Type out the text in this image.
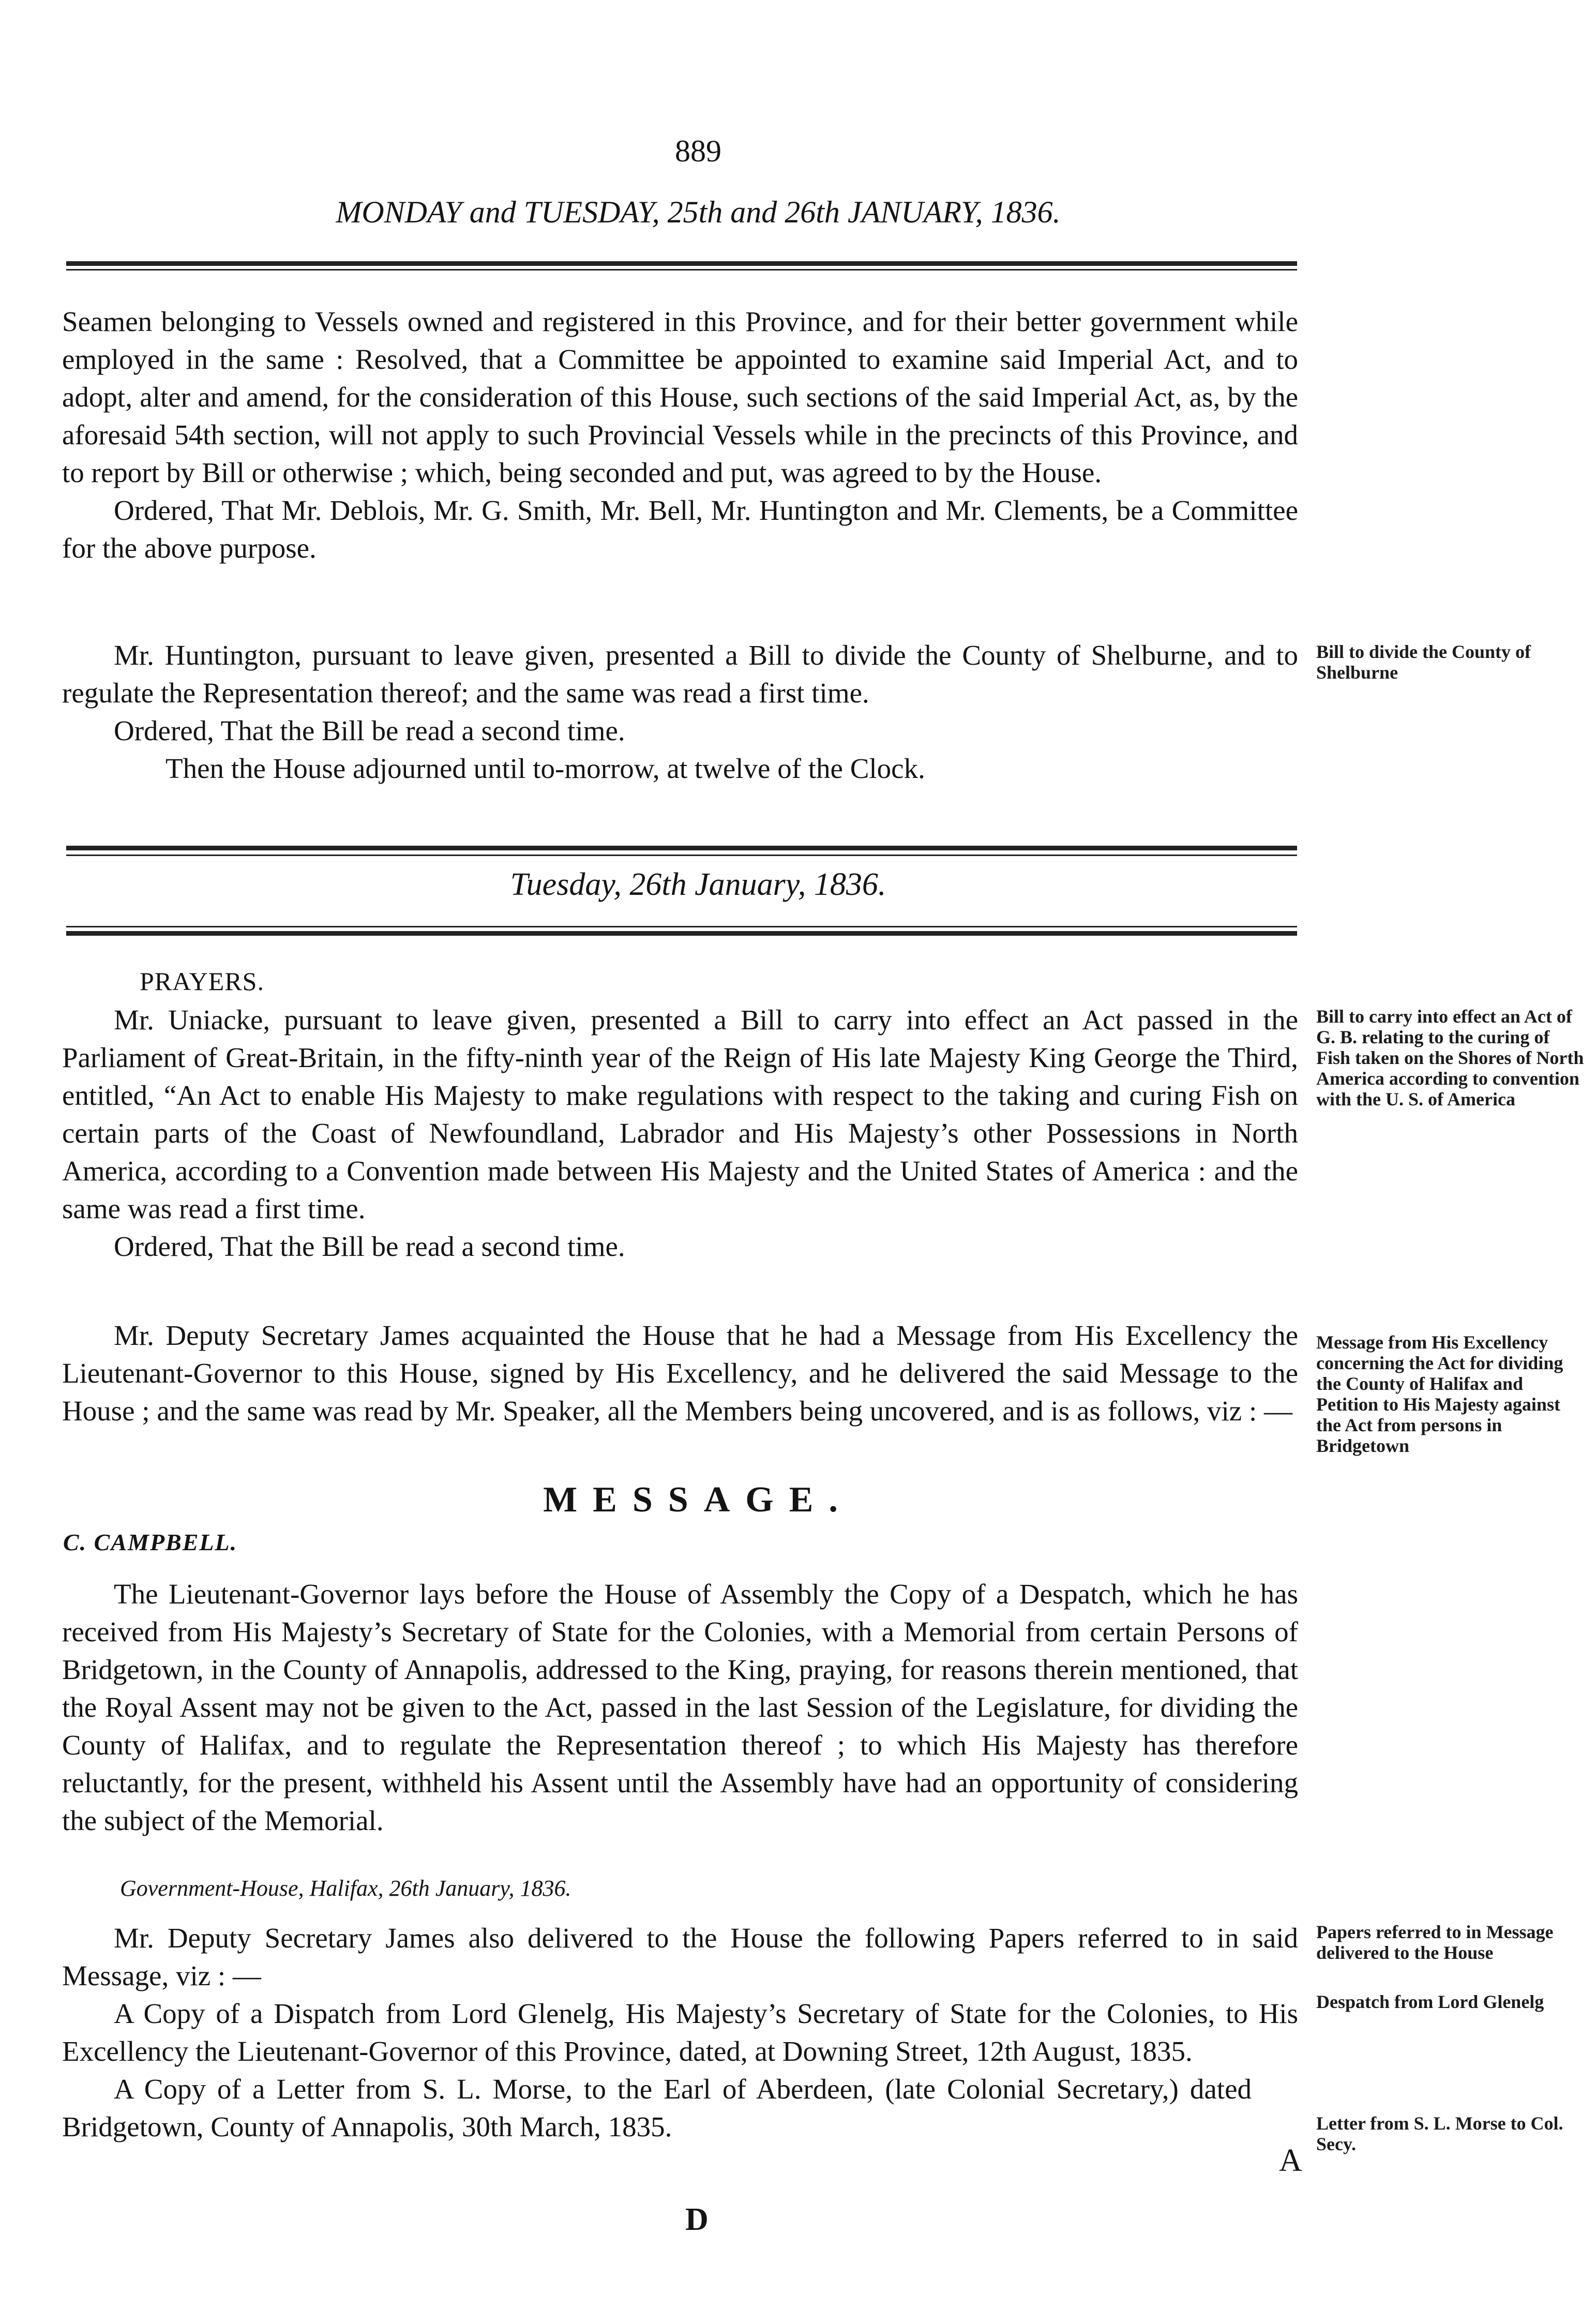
889
MONDAY and TUESDAY, 25th and 26th JANUARY, 1836.

Seamen belonging to Vessels owned and registered in this Province, and for their better government while employed in the same : Resolved, that a Committee be appointed to examine said Imperial Act, and to adopt, alter and amend, for the consideration of this House, such sections of the said Imperial Act, as, by the aforesaid 54th section, will not apply to such Provincial Vessels while in the precincts of this Province, and to report by Bill or otherwise ; which, being seconded and put, was agreed to by the House.

Ordered, That Mr. Deblois, Mr. G. Smith, Mr. Bell, Mr. Huntington and Mr. Clements, be a Committee for the above purpose.

Mr. Huntington, pursuant to leave given, presented a Bill to divide the County of Shelburne, and to regulate the Representation thereof; and the same was read a first time.

Ordered, That the Bill be read a second time.

Then the House adjourned until to-morrow, at twelve of the Clock.

Tuesday, 26th January, 1836.
PRAYERS.

Mr. Uniacke, pursuant to leave given, presented a Bill to carry into effect an Act passed in the Parliament of Great-Britain, in the fifty-ninth year of the Reign of His late Majesty King George the Third, entitled, “An Act to enable His Majesty to make regulations with respect to the taking and curing Fish on certain parts of the Coast of Newfoundland, Labrador and His Majesty’s other Possessions in North America, according to a Convention made between His Majesty and the United States of America : and the same was read a first time.

Ordered, That the Bill be read a second time.

Mr. Deputy Secretary James acquainted the House that he had a Message from His Excellency the Lieutenant-Governor to this House, signed by His Excellency, and he delivered the said Message to the House ; and the same was read by Mr. Speaker, all the Members being uncovered, and is as follows, viz : —

MESSAGE.
C. CAMPBELL.

The Lieutenant-Governor lays before the House of Assembly the Copy of a Despatch, which he has received from His Majesty’s Secretary of State for the Colonies, with a Memorial from certain Persons of Bridgetown, in the County of Annapolis, addressed to the King, praying, for reasons therein mentioned, that the Royal Assent may not be given to the Act, passed in the last Session of the Legislature, for dividing the County of Halifax, and to regulate the Representation thereof ; to which His Majesty has therefore reluctantly, for the present, withheld his Assent until the Assembly have had an opportunity of considering the subject of the Memorial.

Government-House, Halifax, 26th January, 1836.

Mr. Deputy Secretary James also delivered to the House the following Papers referred to in said Message, viz : —

A Copy of a Dispatch from Lord Glenelg, His Majesty’s Secretary of State for the Colonies, to His Excellency the Lieutenant-Governor of this Province, dated, at Downing Street, 12th August, 1835.

A Copy of a Letter from S. L. Morse, to the Earl of Aberdeen, (late Colonial Secretary,) dated Bridgetown, County of Annapolis, 30th March, 1835.

A
D
Bill to divide the County of Shelburne
Bill to carry into effect an Act of G. B. relating to the curing of Fish taken on the Shores of North America according to convention with the U. S. of America
Message from His Excellency concerning the Act for dividing the County of Halifax and Petition to His Majesty against the Act from persons in Bridgetown
Papers referred to in Message delivered to the House
Despatch from Lord Glenelg
Letter from S. L. Morse to Col. Secy.
